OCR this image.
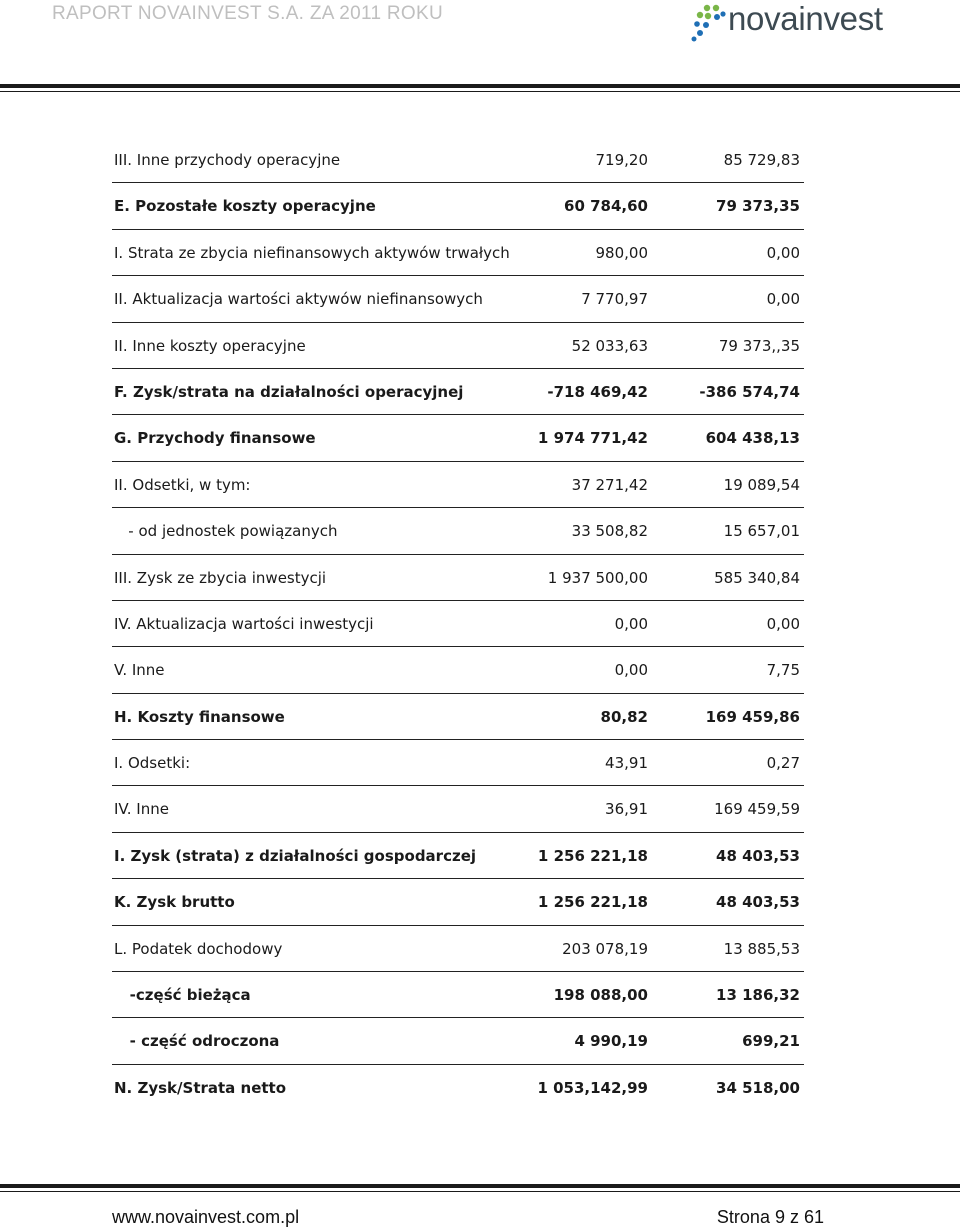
RAPORT NOVAINVEST S.A. ZA 2011 ROKU	novainvest
III. Inne przychody operacyjne	719,20	85 729,83
E. Pozostałe koszty operacyjne	60 784,60	79 373,35
I. Strata ze zbycia niefinansowych aktywów trwałych	980,00	0,00
II. Aktualizacja wartości aktywów niefinansowych	7 770,97	0,00
II. Inne koszty operacyjne	52 033,63	79 373,,35
F. Zysk/strata na działalności operacyjnej	-718 469,42	-386 574,74
G. Przychody finansowe	1 974 771,42	604 438,13
II. Odsetki, w tym:	37 271,42	19 089,54
- od jednostek powiązanych	33 508,82	15 657,01
III. Zysk ze zbycia inwestycji	1 937 500,00	585 340,84
IV. Aktualizacja wartości inwestycji	0,00	0,00
V. Inne	0,00	7,75
H. Koszty finansowe	80,82	169 459,86
I. Odsetki:	43,91	0,27
IV. Inne	36,91	169 459,59
I. Zysk (strata) z działalności gospodarczej	1 256 221,18	48 403,53
K. Zysk brutto	1 256 221,18	48 403,53
L. Podatek dochodowy	203 078,19	13 885,53
-część bieżąca	198 088,00	13 186,32
- część odroczona	4 990,19	699,21
N. Zysk/Strata netto	1 053,142,99	34 518,00
www.novainvest.com.pl	Strona 9 z 61
